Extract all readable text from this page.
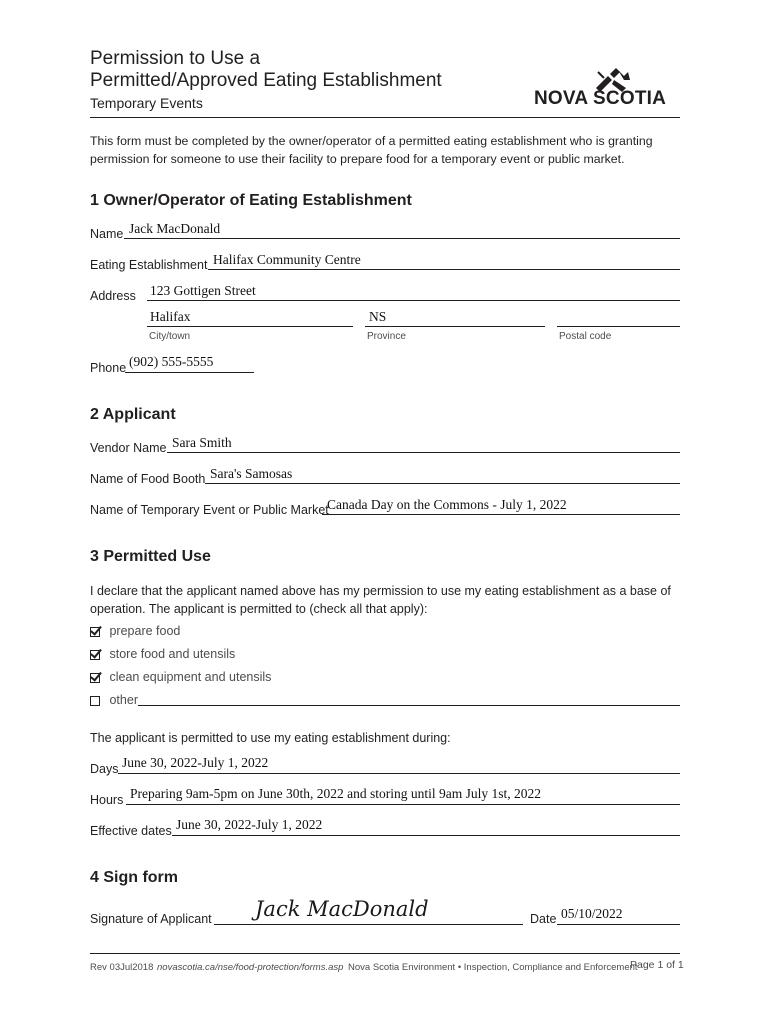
Permission to Use a
Permitted/Approved Eating Establishment
Temporary Events	NOVA SCOTIA
This form must be completed by the owner/operator of a permitted eating establishment who is granting
permission for someone to use their facility to prepare food for a temporary event or public market.
1 Owner/Operator of Eating Establishment
Name Jack MacDonald
Eating Establishment Halifax Community Centre
Address 123 Gottigen Street
Halifax
City/town
NS
Province	Postal code
Phone (902) 555-5555
2 Applicant
Vendor Name Sara Smith
Name of Food Booth Sara's Samosas
Name of Temporary Event or Public Market
Canada Day on the Commons - July 1, 2022
3 Permitted Use
I declare that the applicant named above has my permission to use my eating establishment as a base of
operation. The applicant is permitted to (check all that apply):
prepare food
store food and utensils
clean equipment and utensils
other
The applicant is permitted to use my eating establishment during:
Days June 30, 2022-July 1, 2022
Hours Preparing 9am-5pm on June 30th, 2022 and storing until 9am July 1st, 2022
Effective dates June 30, 2022-July 1, 2022
4 Sign form
Signature of Applicant Jack MacDonald	Date 05/10/2022
Rev 03Jul2018 novascotia.ca/nse/food-protection/forms.asp Nova Scotia Environment • Inspection, Compliance and Enforcement
Page 1 of 1
